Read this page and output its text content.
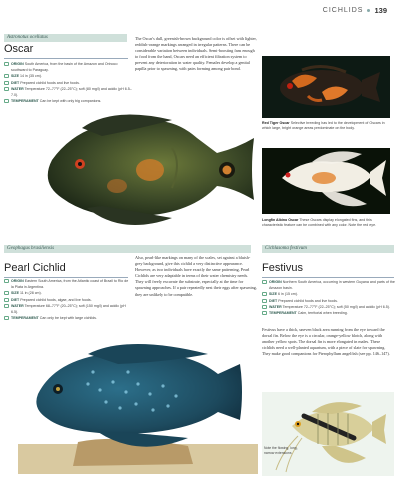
CICHLIDS 139
Astronotus ocellatus
Oscar
ORIGIN South America, from the basin of the Amazon and Orinoco southward to Paraguay.
SIZE 14 in (35 cm).
DIET Prepared cichlid foods and live foods.
WATER Temperature 72–77°F (22–25°C); soft (80 mg/l) and acidic (pH 6.5–7.0).
TEMPERAMENT Can be kept with only big companions.
The Oscar's dull, greenish-brown background color is offset with lighter, reddish-orange markings arranged in irregular patterns. There can be considerable variation between individuals. Semi-boosting fans enough to food from the hand, Oscars need an efficient filtration system to prevent any deterioration in water quality. Females develop a genital papilla prior to spawning, with pairs forming among pair bond.
Red Tiger Oscar Selective breeding has led to the development of Oscars in which large, bright orange areas predominate on the body.
Longfin Albino Oscar These Oscars display elongated fins, and this characteristic feature can be combined with any color. Note the red eye.
Geophagus brasiliensis
Pearl Cichlid
ORIGIN Eastern South America, from the Atlantic coast of Brazil to Rio de la Plata in Argentina.
SIZE 11 in (28 cm).
DIET Prepared cichlid foods, algae, and live foods.
WATER Temperature 68–77°F (20–25°C); soft (150 mg/l) and acidic (pH 6.5).
TEMPERAMENT Can only be kept with large cichlids.
Also, pearl-like markings on many of the scales, set against a bluish-grey background, give this cichlid a very distinctive appearance. However, as two individuals have exactly the same patterning, Pearl Cichlids are very adaptable in terms of their water chemistry needs. They will freely excavate the substrate, especially at the time for spawning approaches. If a pair repeatedly nest their eggs after spawning, they are unlikely to be compatible.
Cichlasoma festivum
Festivus
ORIGIN Northern South America, occurring in western Guyana and parts of the Amazon basin.
SIZE 6 in (15 cm).
DIET Prepared cichlid foods and live foods.
WATER Temperature 72–77°F (22–25°C); soft (50 mg/l) and acidic (pH 6.5).
TEMPERAMENT Calm, territorial when breeding.
Festivus have a thick, uneven black area running from the eye toward the dorsal fin. Below the eye is a circular, orange-yellow blotch, along with another yellow spots. The dorsal fin is more elongated in males. These cichlids need a well-planted aquarium, with a piece of slate for spawning. They make good companions for Pterophyllum angelfish (see pp. 146–147).
Note the flowing, long, narrow extensions
